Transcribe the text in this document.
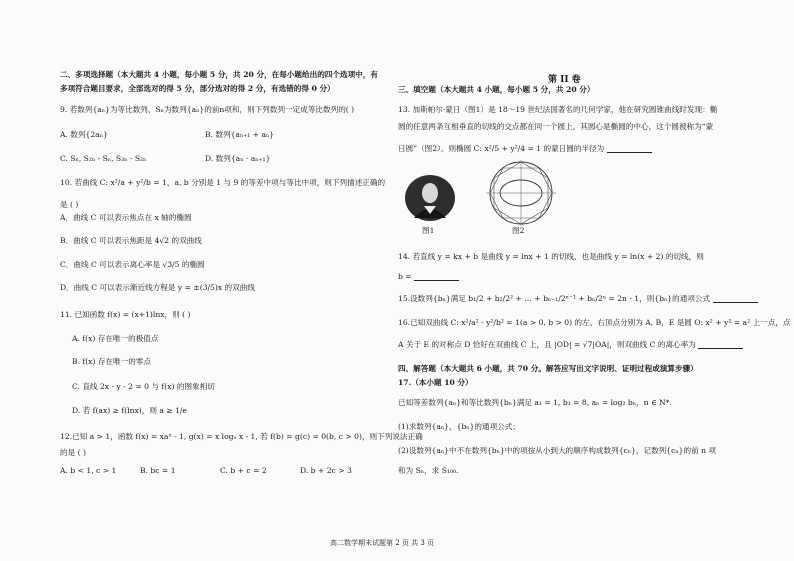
二、多项选择题（本大题共 4 小题，每小题 5 分，共 20 分，在每小题给出的四个选项中，有
多项符合题目要求，全部选对的得 5 分，部分选对的得 2 分，有选错的得 0 分）
9. 若数列{aₙ}为等比数列，Sₙ为数列{aₙ}的前n项和，则下列数列一定成等比数列的( )
A. 数列{2aₙ}	B. 数列{aₙ₊₁ + aₙ}
C. Sₙ, S₂ₙ - Sₙ, S₃ₙ - S₂ₙ	D. 数列{aₙ · aₙ₊₁}
10. 若曲线 C: x²/a + y²/b = 1，a, b 分别是 1 与 9 的等差中项与等比中项，则下列描述正确的
是 ( )
A．曲线 C 可以表示焦点在 x 轴的椭圆
B．曲线 C 可以表示焦距是 4√2 的双曲线
C．曲线 C 可以表示离心率是 √3/5 的椭圆
D．曲线 C 可以表示渐近线方程是 y = ±(3/5)x 的双曲线
11. 已知函数 f(x) = (x+1)lnx，则 ( )
A. f(x) 存在唯一的极值点
B. f(x) 存在唯一的零点
C. 直线 2x - y - 2 = 0 与 f(x) 的图象相切
D. 若 f(ax) ≥ f(lnx)，则 a ≥ 1/e
12.已知 a > 1，函数 f(x) = xaˣ - 1, g(x) = x logₐ x - 1, 若 f(b) = g(c) = 0(b, c > 0)，则下列说法正确
的是 ( )
A. b < 1, c > 1	B. bc = 1	C. b + c = 2	D. b + 2c > 3
第 II 卷
三、填空题（本大题共 4 小题，每小题 5 分，共 20 分）
13. 加斯帕尔·蒙日（图1）是 18～19 世纪法国著名的几何学家，他在研究圆锥曲线时发现：椭
圆的任意两条互相垂直的切线的交点都在同一个圆上，其圆心是椭圆的中心，这个圆被称为“蒙
日圆”（图2）。则椭圆 C: x²/5 + y²/4 = 1 的蒙日圆的半径为
图1	图2
14. 若直线 y = kx + b 是曲线 y = lnx + 1 的切线，也是曲线 y = ln(x + 2) 的切线，则
b =
15.设数列{bₙ}满足 b₁/2 + b₂/2² + … + bₙ₋₁/2ⁿ⁻¹ + bₙ/2ⁿ = 2n - 1，则{bₙ}的通项公式
16.已知双曲线 C: x²/a² - y²/b² = 1(a > 0, b > 0) 的左、右顶点分别为 A, B，E 是圆 O: x² + y² = a² 上一点，点
A 关于 E 的对称点 D 恰好在双曲线 C 上，且 |OD| = √7|OA|，则双曲线 C 的离心率为
四、解答题（本大题共 6 小题，共 70 分。解答应写出文字说明、证明过程或演算步骤）
17.（本小题 10 分）
已知等差数列{aₙ}和等比数列{bₙ}满足 a₁ = 1, b₁ = 8, aₙ = log₂ bₙ，n ∈ N*.
(1)求数列{aₙ}，{bₙ}的通项公式；
(2)设数列{aₙ}中不在数列{bₙ}中的项按从小到大的顺序构成数列{cₙ}，记数列{cₙ}的前 n 项
和为 Sₙ，求 S₁₀₀.
高二数学期末试题第 2 页 共 3 页
